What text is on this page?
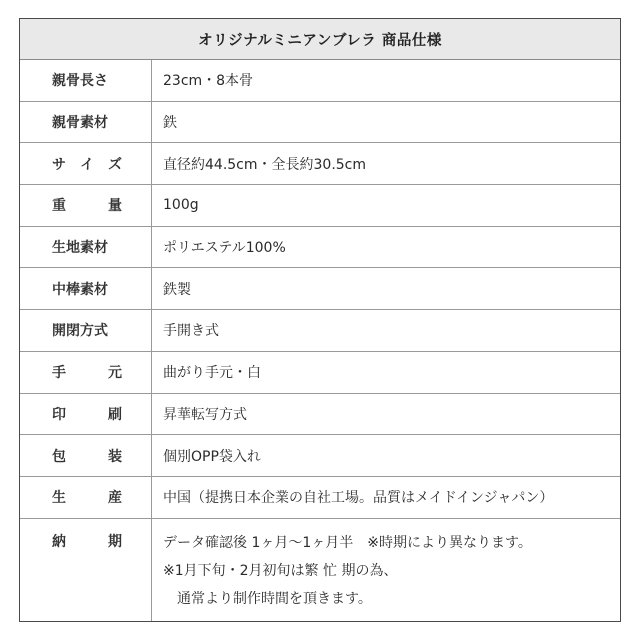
オリジナルミニアンブレラ 商品仕様
親骨長さ	23cm・8本骨
親骨素材	鉄
サ　イ　ズ	直径約44.5cm・全長約30.5cm
重　　　量	100g
生地素材	ポリエステル100%
中棒素材	鉄製
開閉方式	手開き式
手　　　元	曲がり手元・白
印　　　刷	昇華転写方式
包　　　装	個別OPP袋入れ
生　　　産	中国（提携日本企業の自社工場。品質はメイドインジャパン）
納　　　期	データ確認後 1ヶ月〜1ヶ月半　※時期により異なります。
※1月下旬・2月初旬は繁 忙 期の為、
　通常より制作時間を頂きます。
